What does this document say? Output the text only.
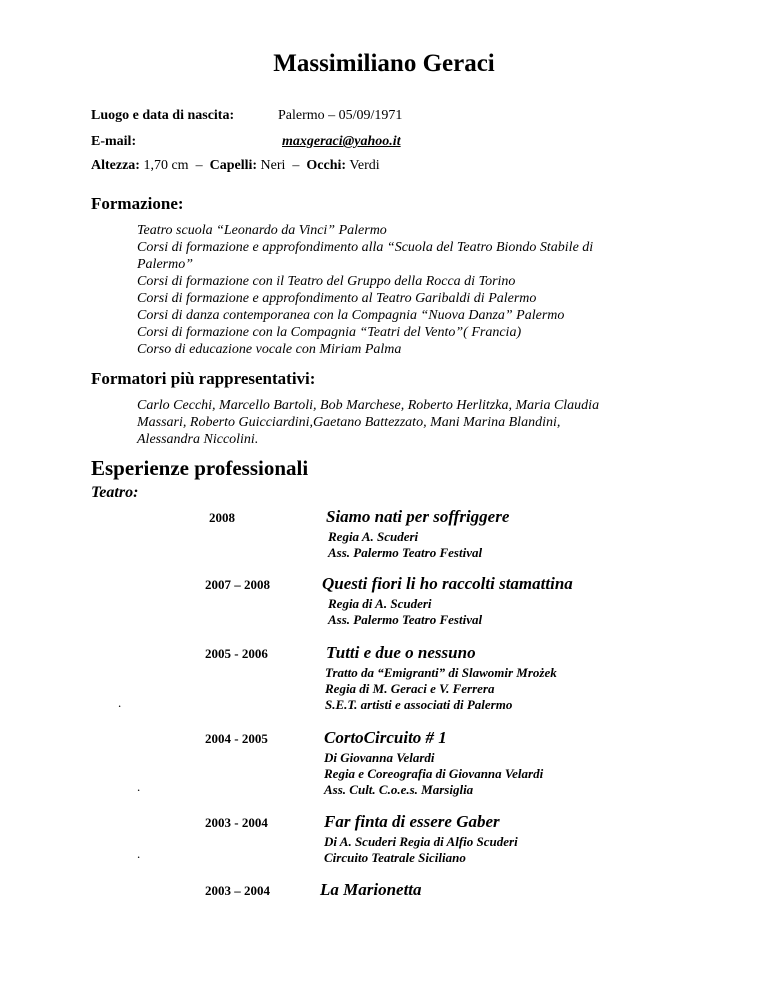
Massimiliano Geraci
Luogo e data di nascita:	Palermo – 05/09/1971
E-mail:	maxgeraci@yahoo.it
Altezza: 1,70 cm  –  Capelli: Neri  –  Occhi: Verdi
Formazione:
Teatro scuola “Leonardo da Vinci” Palermo
Corsi di formazione e approfondimento alla “Scuola del Teatro Biondo Stabile di
Palermo”
Corsi di formazione con il Teatro del Gruppo della Rocca di Torino
Corsi di formazione e approfondimento al Teatro Garibaldi di Palermo
Corsi di danza contemporanea con la Compagnia “Nuova Danza” Palermo
Corsi di formazione con la Compagnia “Teatri del Vento”( Francia)
Corso di educazione vocale con Miriam Palma
Formatori più rappresentativi:
Carlo Cecchi, Marcello Bartoli, Bob Marchese, Roberto Herlitzka, Maria Claudia
Massari, Roberto Guicciardini,Gaetano Battezzato, Mani Marina Blandini,
Alessandra Niccolini.
Esperienze professionali
Teatro:
2008	Siamo nati per soffriggere
Regia A. Scuderi
Ass. Palermo Teatro Festival
2007 – 2008	Questi fiori li ho raccolti stamattina
Regia di A. Scuderi
Ass. Palermo Teatro Festival
2005 - 2006	Tutti e due o nessuno
Tratto da “Emigranti” di Slawomir Mrożek
Regia di M. Geraci e V. Ferrera
S.E.T. artisti e associati di Palermo
.
2004 - 2005	CortoCircuito # 1
Di Giovanna Velardi
Regia e Coreografia di Giovanna Velardi
Ass. Cult. C.o.e.s. Marsiglia
.
2003 - 2004	Far finta di essere Gaber
Di A. Scuderi Regia di Alfio Scuderi
Circuito Teatrale Siciliano
.
2003 – 2004	La Marionetta
